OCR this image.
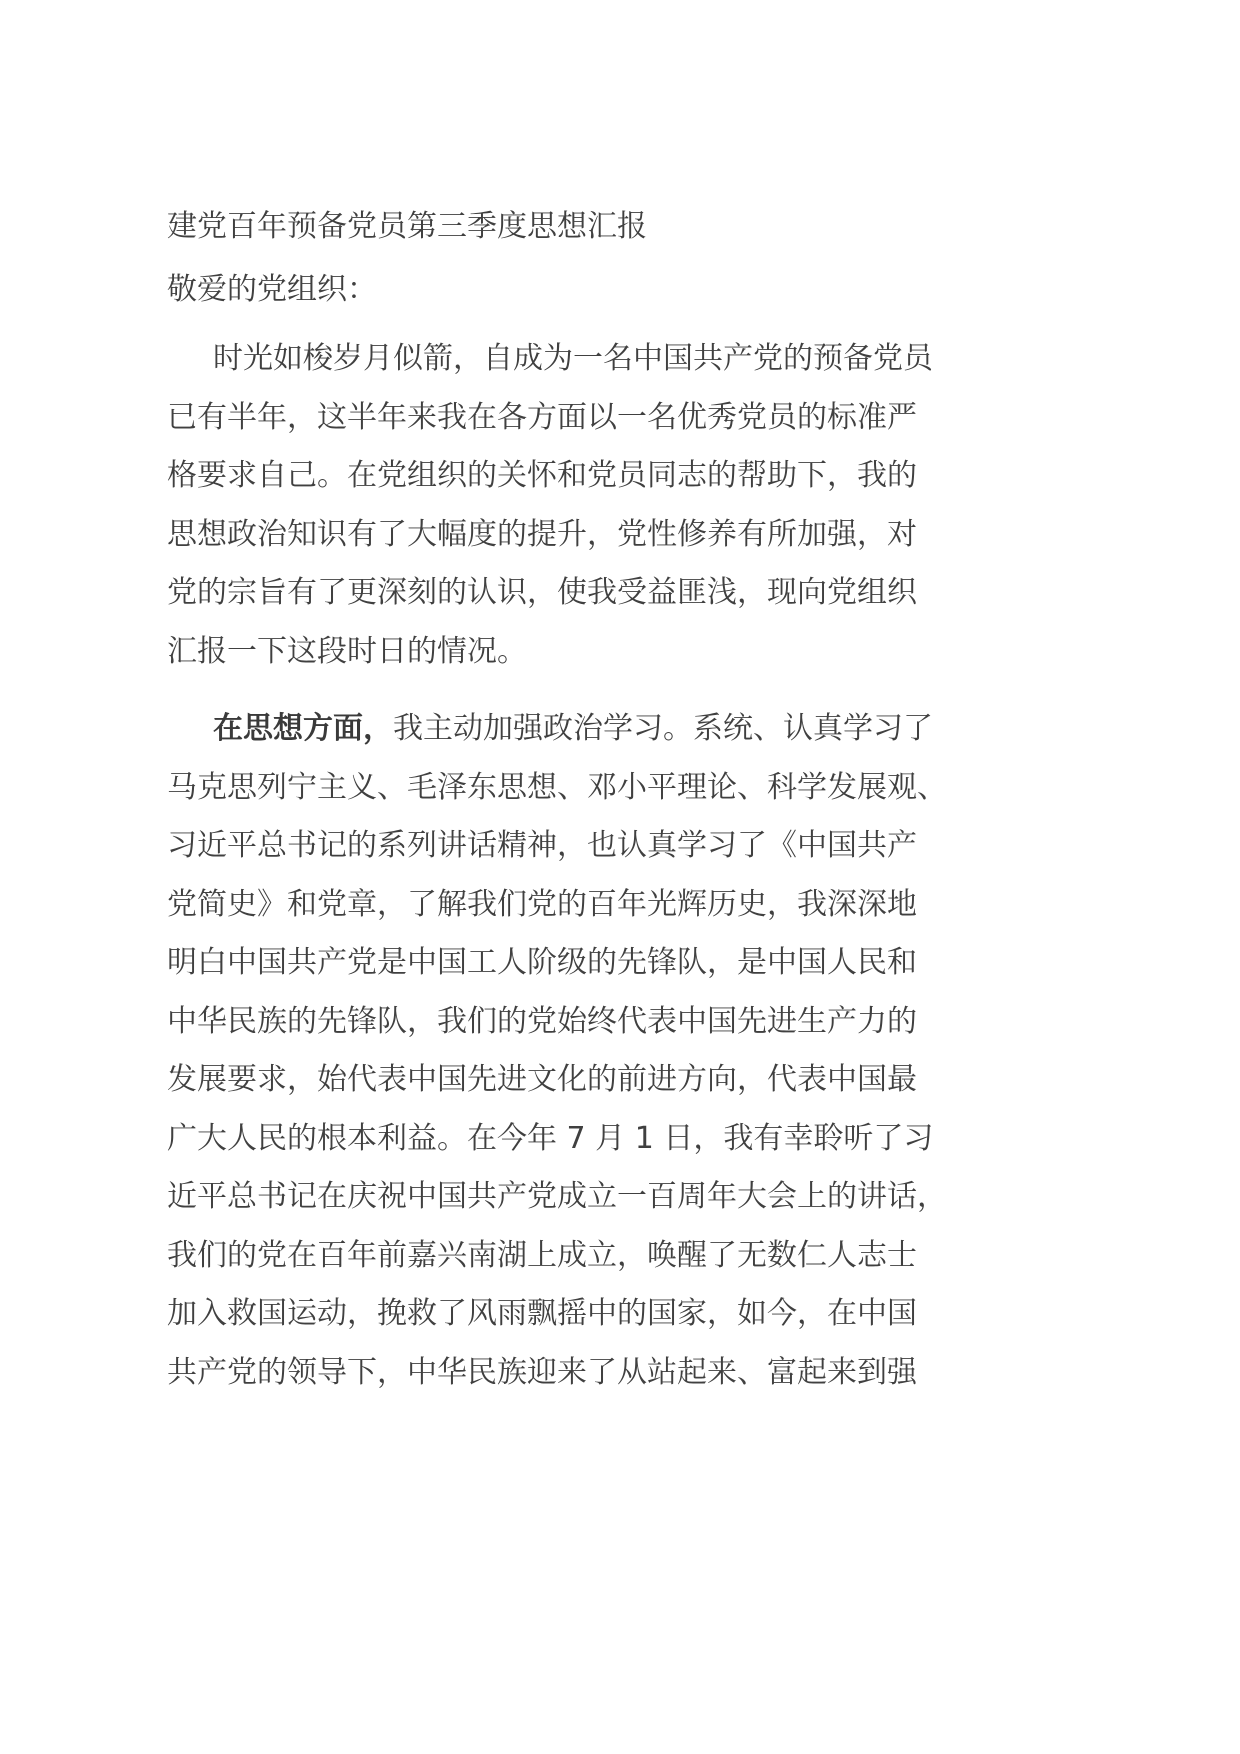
建党百年预备党员第三季度思想汇报
敬爱的党组织：
时光如梭岁月似箭，自成为一名中国共产党的预备党员
已有半年，这半年来我在各方面以一名优秀党员的标准严
格要求自己。在党组织的关怀和党员同志的帮助下，我的
思想政治知识有了大幅度的提升，党性修养有所加强，对
党的宗旨有了更深刻的认识，使我受益匪浅，现向党组织
汇报一下这段时日的情况。
在思想方面，我主动加强政治学习。系统、认真学习了
马克思列宁主义、毛泽东思想、邓小平理论、科学发展观、
习近平总书记的系列讲话精神，也认真学习了《中国共产
党简史》和党章，了解我们党的百年光辉历史，我深深地
明白中国共产党是中国工人阶级的先锋队，是中国人民和
中华民族的先锋队，我们的党始终代表中国先进生产力的
发展要求，始代表中国先进文化的前进方向，代表中国最
广大人民的根本利益。在今年 7 月 1 日，我有幸聆听了习
近平总书记在庆祝中国共产党成立一百周年大会上的讲话，
我们的党在百年前嘉兴南湖上成立，唤醒了无数仁人志士
加入救国运动，挽救了风雨飘摇中的国家，如今，在中国
共产党的领导下，中华民族迎来了从站起来、富起来到强
